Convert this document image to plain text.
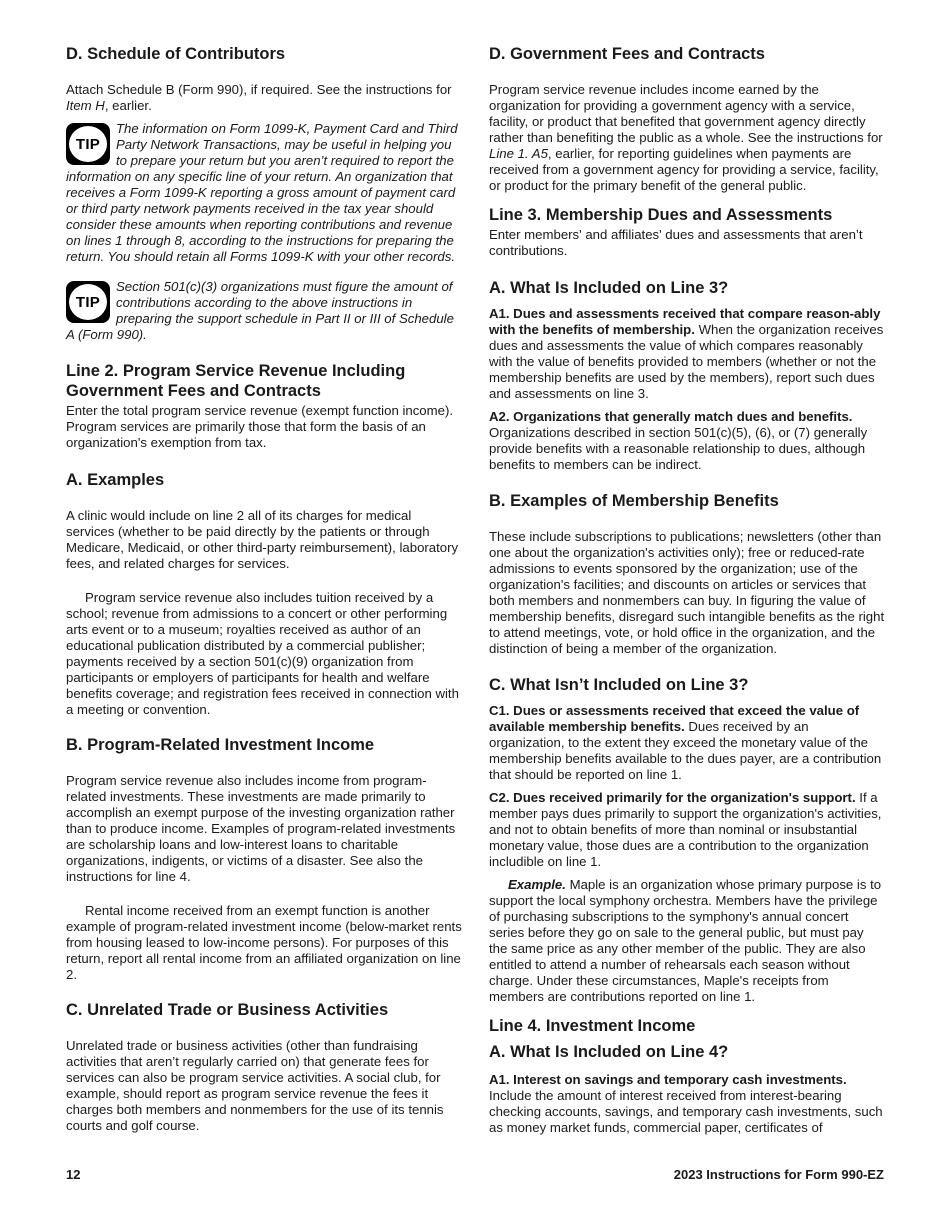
D. Schedule of Contributors

Attach Schedule B (Form 990), if required. See the instructions for Item H, earlier.

TIP

The information on Form 1099-K, Payment Card and Third Party Network Transactions, may be useful in helping you to prepare your return but you aren’t required to report the information on any specific line of your return. An organization that receives a Form 1099-K reporting a gross amount of payment card or third party network payments received in the tax year should consider these amounts when reporting contributions and revenue on lines 1 through 8, according to the instructions for preparing the return. You should retain all Forms 1099-K with your other records.

TIP

Section 501(c)(3) organizations must figure the amount of contributions according to the above instructions in preparing the support schedule in Part II or III of Schedule A (Form 990).

Line 2. Program Service Revenue Including Government Fees and Contracts

Enter the total program service revenue (exempt function income). Program services are primarily those that form the basis of an organization's exemption from tax.

A. Examples

A clinic would include on line 2 all of its charges for medical services (whether to be paid directly by the patients or through Medicare, Medicaid, or other third-party reimbursement), laboratory fees, and related charges for services.

Program service revenue also includes tuition received by a school; revenue from admissions to a concert or other performing arts event or to a museum; royalties received as author of an educational publication distributed by a commercial publisher; payments received by a section 501(c)(9) organization from participants or employers of participants for health and welfare benefits coverage; and registration fees received in connection with a meeting or convention.

B. Program-Related Investment Income

Program service revenue also includes income from program-related investments. These investments are made primarily to accomplish an exempt purpose of the investing organization rather than to produce income. Examples of program-related investments are scholarship loans and low-interest loans to charitable organizations, indigents, or victims of a disaster. See also the instructions for line 4.

Rental income received from an exempt function is another example of program-related investment income (below-market rents from housing leased to low-income persons). For purposes of this return, report all rental income from an affiliated organization on line 2.

C. Unrelated Trade or Business Activities

Unrelated trade or business activities (other than fundraising activities that aren’t regularly carried on) that generate fees for services can also be program service activities. A social club, for example, should report as program service revenue the fees it charges both members and nonmembers for the use of its tennis courts and golf course.

D. Government Fees and Contracts

Program service revenue includes income earned by the organization for providing a government agency with a service, facility, or product that benefited that government agency directly rather than benefiting the public as a whole. See the instructions for Line 1. A5, earlier, for reporting guidelines when payments are received from a government agency for providing a service, facility, or product for the primary benefit of the general public.

Line 3. Membership Dues and Assessments

Enter members' and affiliates' dues and assessments that aren’t contributions.

A. What Is Included on Line 3?

A1. Dues and assessments received that compare reason-ably with the benefits of membership. When the organization receives dues and assessments the value of which compares reasonably with the value of benefits provided to members (whether or not the membership benefits are used by the members), report such dues and assessments on line 3.

A2. Organizations that generally match dues and benefits. Organizations described in section 501(c)(5), (6), or (7) generally provide benefits with a reasonable relationship to dues, although benefits to members can be indirect.

B. Examples of Membership Benefits

These include subscriptions to publications; newsletters (other than one about the organization's activities only); free or reduced-rate admissions to events sponsored by the organization; use of the organization's facilities; and discounts on articles or services that both members and nonmembers can buy. In figuring the value of membership benefits, disregard such intangible benefits as the right to attend meetings, vote, or hold office in the organization, and the distinction of being a member of the organization.

C. What Isn’t Included on Line 3?

C1. Dues or assessments received that exceed the value of available membership benefits. Dues received by an organization, to the extent they exceed the monetary value of the membership benefits available to the dues payer, are a contribution that should be reported on line 1.

C2. Dues received primarily for the organization's support. If a member pays dues primarily to support the organization's activities, and not to obtain benefits of more than nominal or insubstantial monetary value, those dues are a contribution to the organization includible on line 1.

Example. Maple is an organization whose primary purpose is to support the local symphony orchestra. Members have the privilege of purchasing subscriptions to the symphony's annual concert series before they go on sale to the general public, but must pay the same price as any other member of the public. They are also entitled to attend a number of rehearsals each season without charge. Under these circumstances, Maple's receipts from members are contributions reported on line 1.

Line 4. Investment Income
A. What Is Included on Line 4?

A1. Interest on savings and temporary cash investments. Include the amount of interest received from interest-bearing checking accounts, savings, and temporary cash investments, such as money market funds, commercial paper, certificates of

12	2023 Instructions for Form 990-EZ
